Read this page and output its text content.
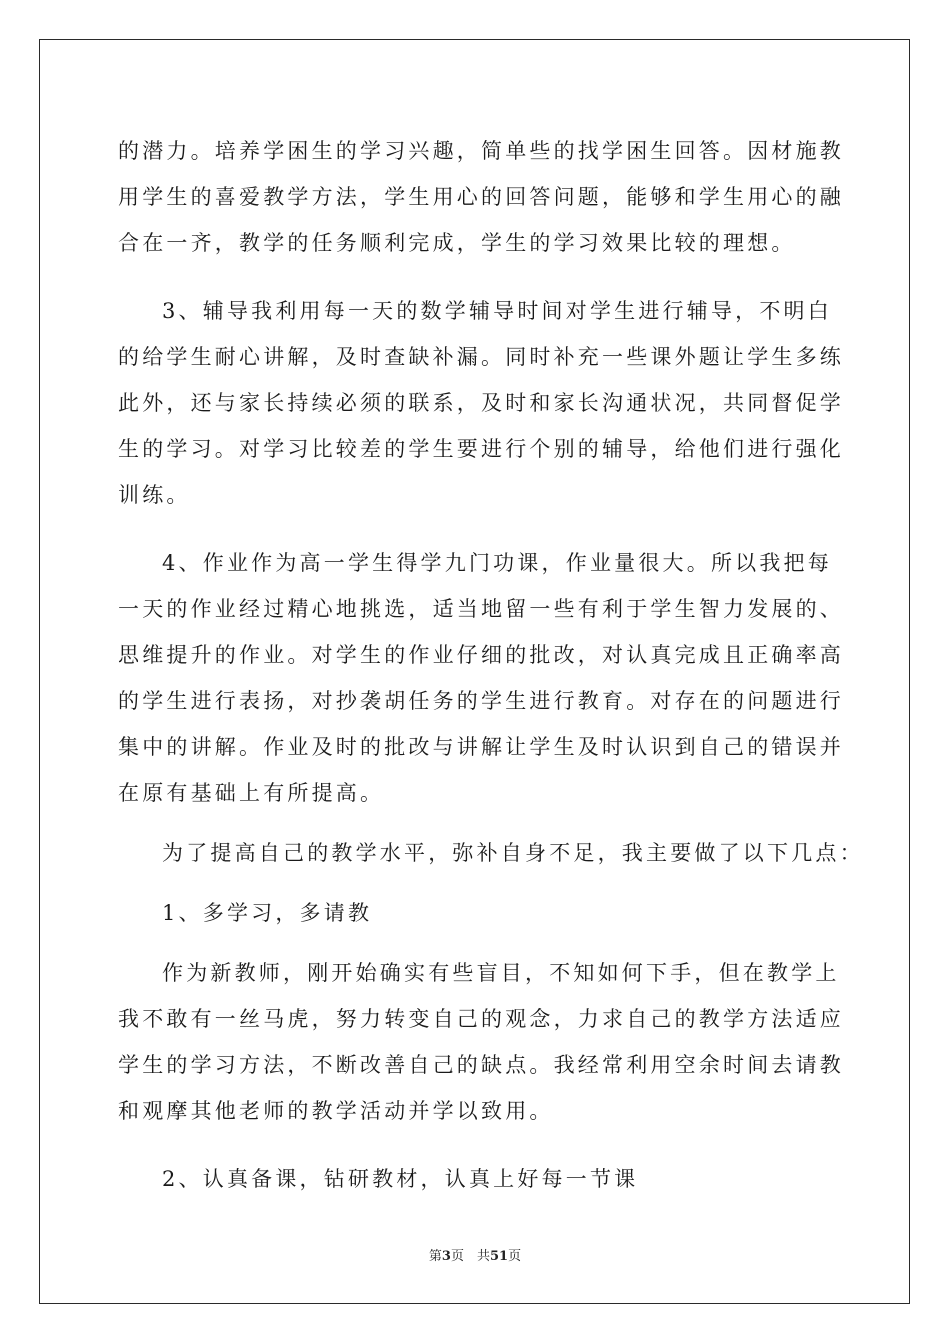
的潜力。培养学困生的学习兴趣，简单些的找学困生回答。因材施教
用学生的喜爱教学方法，学生用心的回答问题，能够和学生用心的融
合在一齐，教学的任务顺利完成，学生的学习效果比较的理想。
3、辅导我利用每一天的数学辅导时间对学生进行辅导，不明白
的给学生耐心讲解，及时查缺补漏。同时补充一些课外题让学生多练
此外，还与家长持续必须的联系，及时和家长沟通状况，共同督促学
生的学习。对学习比较差的学生要进行个别的辅导，给他们进行强化
训练。
4、作业作为高一学生得学九门功课，作业量很大。所以我把每
一天的作业经过精心地挑选，适当地留一些有利于学生智力发展的、
思维提升的作业。对学生的作业仔细的批改，对认真完成且正确率高
的学生进行表扬，对抄袭胡任务的学生进行教育。对存在的问题进行
集中的讲解。作业及时的批改与讲解让学生及时认识到自己的错误并
在原有基础上有所提高。
为了提高自己的教学水平，弥补自身不足，我主要做了以下几点：
1、多学习，多请教
作为新教师，刚开始确实有些盲目，不知如何下手，但在教学上
我不敢有一丝马虎，努力转变自己的观念，力求自己的教学方法适应
学生的学习方法，不断改善自己的缺点。我经常利用空余时间去请教
和观摩其他老师的教学活动并学以致用。
2、认真备课，钻研教材，认真上好每一节课
第3页　共51页
